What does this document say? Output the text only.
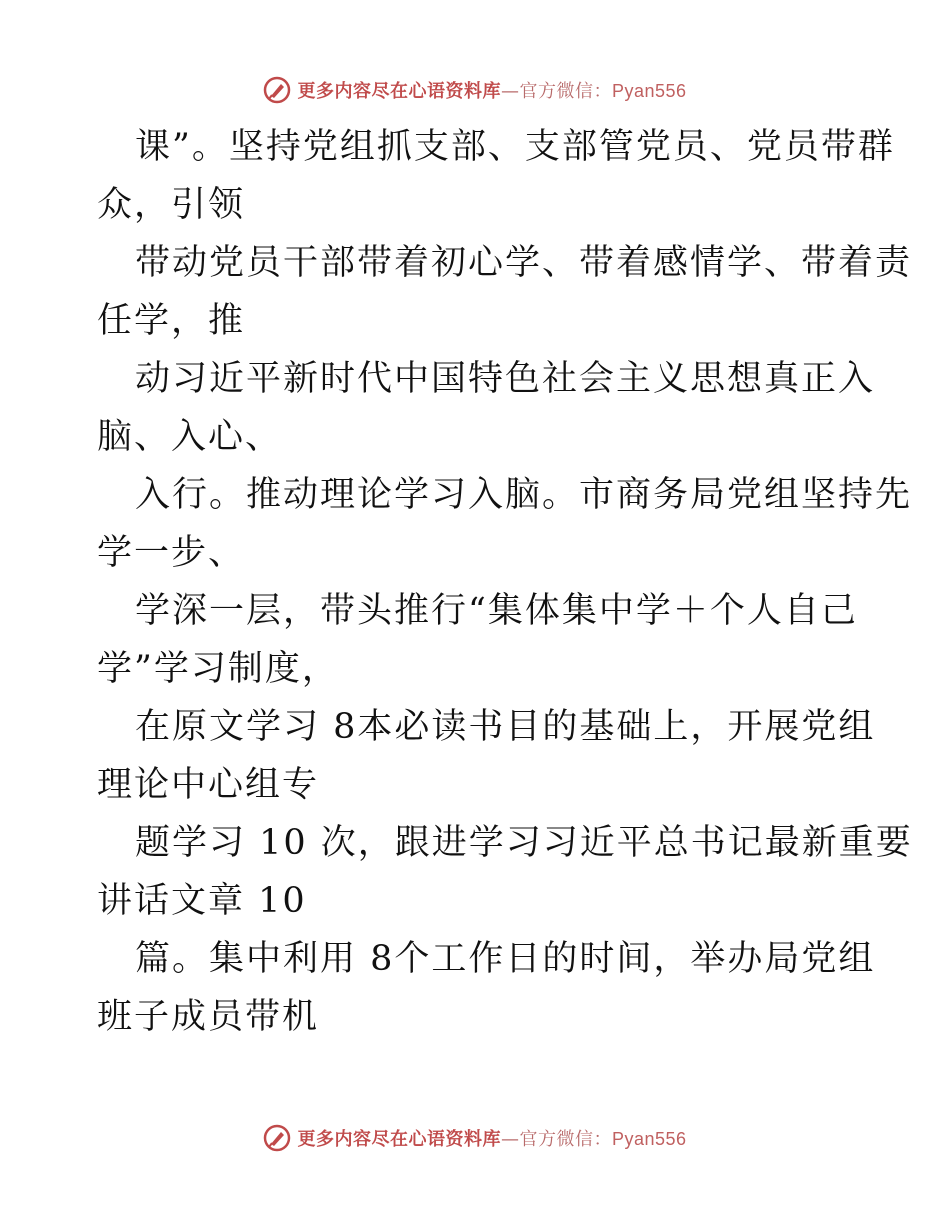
更多内容尽在心语资料库—官方微信：Pyan556
课”。坚持党组抓支部、支部管党员、党员带群
众，引领
带动党员干部带着初心学、带着感情学、带着责
任学，推
动习近平新时代中国特色社会主义思想真正入
脑、入心、
入行。推动理论学习入脑。市商务局党组坚持先
学一步、
学深一层，带头推行“集体集中学＋个人自己
学”学习制度，
在原文学习 8本必读书目的基础上，开展党组
理论中心组专
题学习 10 次，跟进学习习近平总书记最新重要
讲话文章 10
篇。集中利用 8个工作日的时间，举办局党组
班子成员带机
更多内容尽在心语资料库—官方微信：Pyan556
